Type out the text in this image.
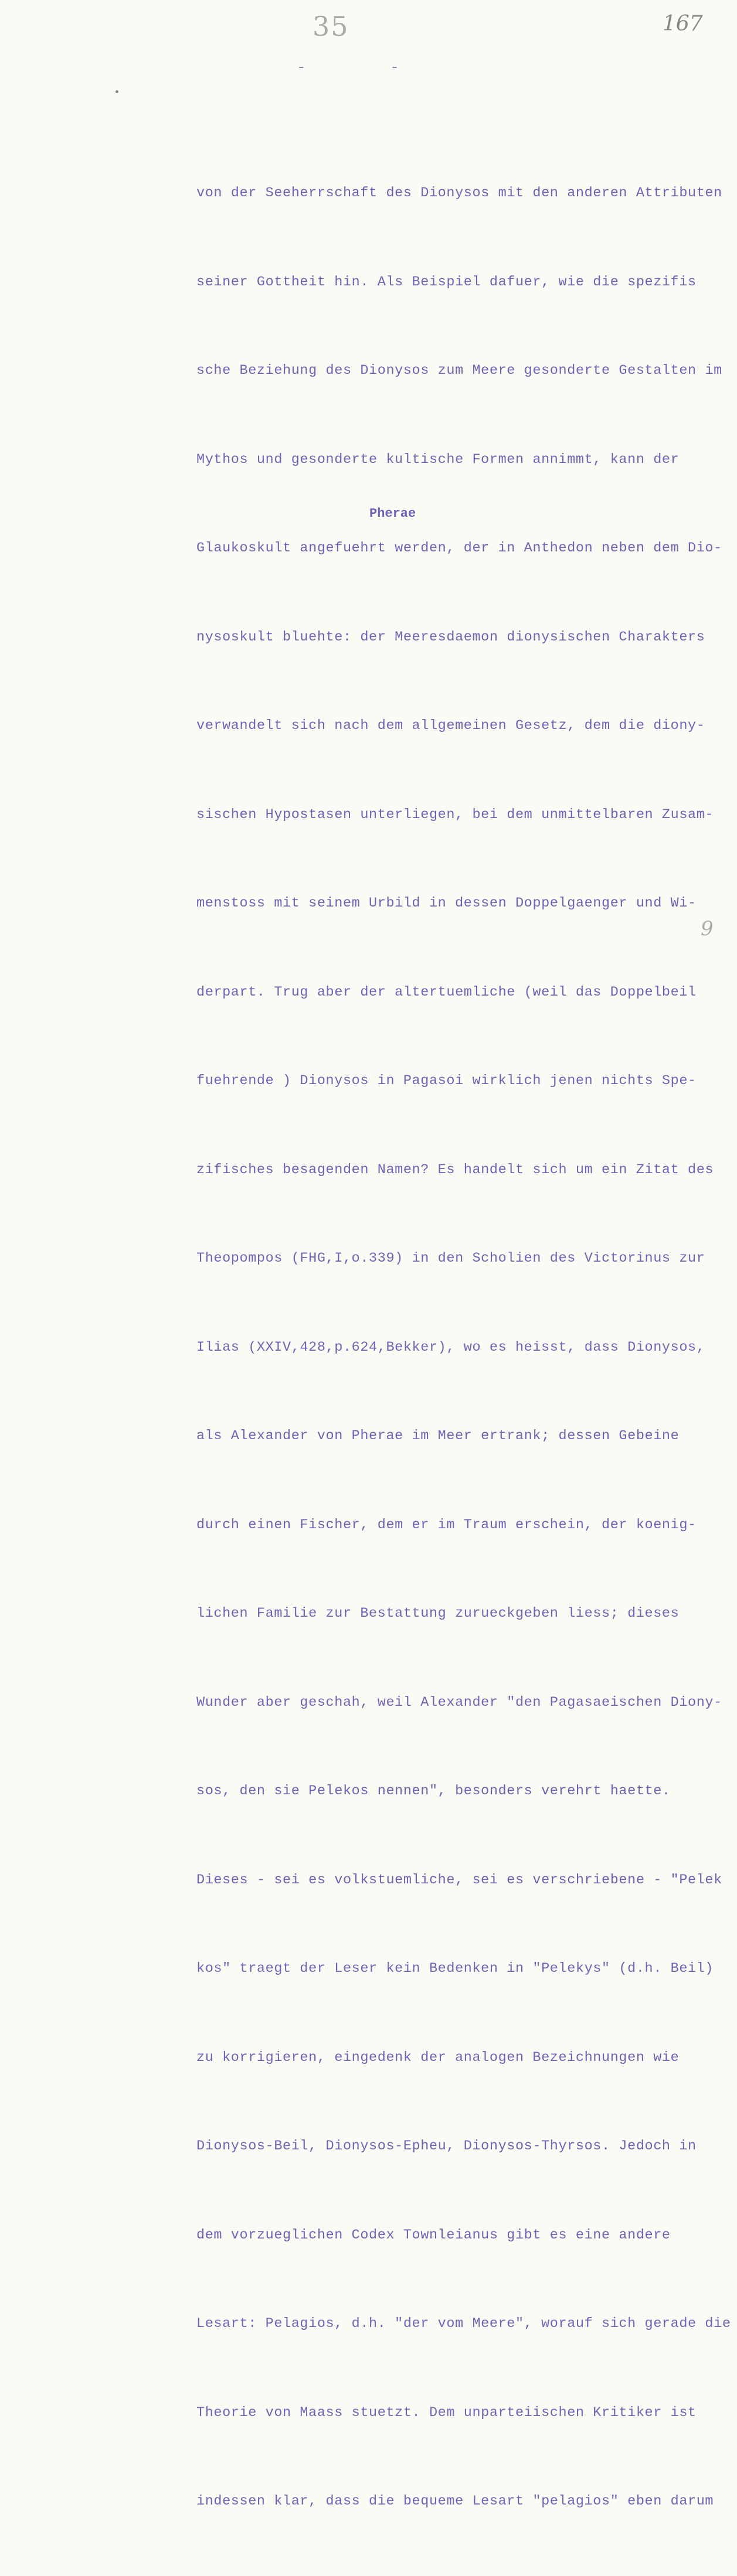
35	167
- -

von der Seeherrschaft des Dionysos mit den anderen Attributen

seiner Gottheit hin. Als Beispiel dafuer, wie die spezifis

sche Beziehung des Dionysos zum Meere gesonderte Gestalten im

Mythos und gesonderte kultische Formen annimmt, kann der

Glaukoskult angefuehrt werden, der in Anthedon neben dem Dio-

nysoskult bluehte: der Meeresdaemon dionysischen Charakters

verwandelt sich nach dem allgemeinen Gesetz, dem die diony-

sischen Hypostasen unterliegen, bei dem unmittelbaren Zusam-

menstoss mit seinem Urbild in dessen Doppelgaenger und Wi-

derpart. Trug aber der altertuemliche (weil das Doppelbeil

fuehrende ) Dionysos in Pagasoi wirklich jenen nichts Spe-

zifisches besagenden Namen? Es handelt sich um ein Zitat des

Theopompos (FHG,I,o.339) in den Scholien des Victorinus zur

Ilias (XXIV,428,p.624,Bekker), wo es heisst, dass Dionysos,

als Alexander von Pherae im Meer ertrank; dessen Gebeine

durch einen Fischer, dem er im Traum erschein, der koenig-

lichen Familie zur Bestattung zurueckgeben liess; dieses

Wunder aber geschah, weil Alexander "den Pagasaeischen Diony-

sos, den sie Pelekos nennen", besonders verehrt haette.

Dieses - sei es volkstuemliche, sei es verschriebene - "Pelek

kos" traegt der Leser kein Bedenken in "Pelekys" (d.h. Beil)

zu korrigieren, eingedenk der analogen Bezeichnungen wie

Dionysos-Beil, Dionysos-Epheu, Dionysos-Thyrsos. Jedoch in

dem vorzueglichen Codex Townleianus gibt es eine andere

Lesart: Pelagios, d.h. "der vom Meere", worauf sich gerade die

Theorie von Maass stuetzt. Dem unparteiischen Kritiker ist

indessen klar, dass die bequeme Lesart "pelagios" eben darum

Pherae
9
